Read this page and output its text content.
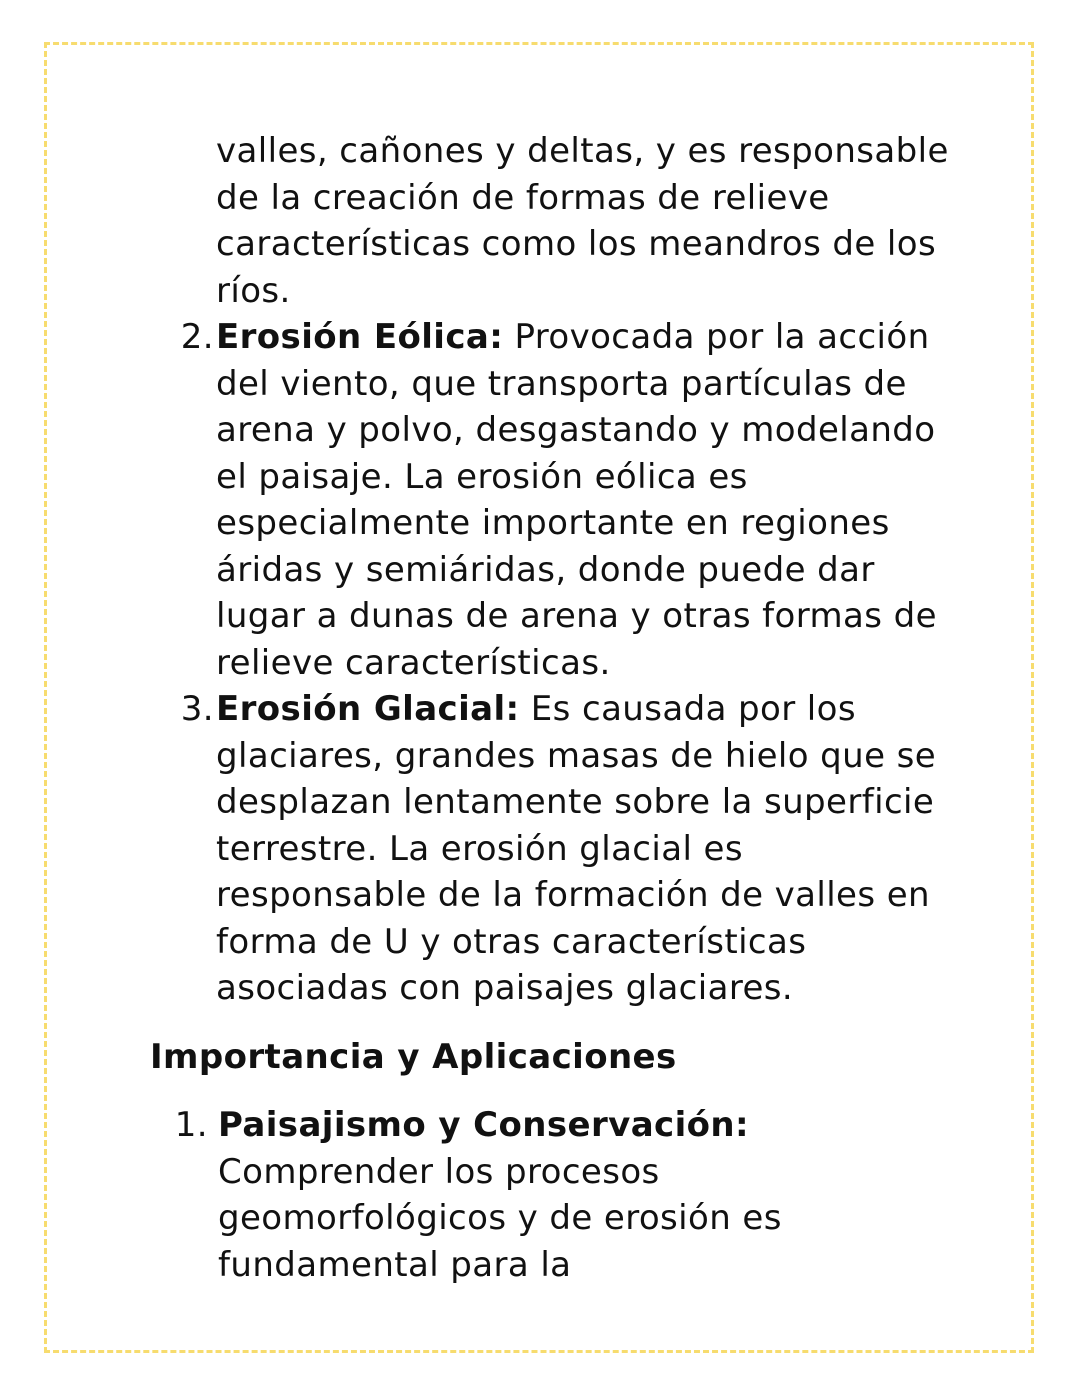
valles, cañones y deltas, y es responsable de la creación de formas de relieve características como los meandros de los ríos.
2. Erosión Eólica: Provocada por la acción del viento, que transporta partículas de arena y polvo, desgastando y modelando el paisaje. La erosión eólica es especialmente importante en regiones áridas y semiáridas, donde puede dar lugar a dunas de arena y otras formas de relieve características.
3. Erosión Glacial: Es causada por los glaciares, grandes masas de hielo que se desplazan lentamente sobre la superficie terrestre. La erosión glacial es responsable de la formación de valles en forma de U y otras características asociadas con paisajes glaciares.
Importancia y Aplicaciones
1. Paisajismo y Conservación: Comprender los procesos geomorfológicos y de erosión es fundamental para la
